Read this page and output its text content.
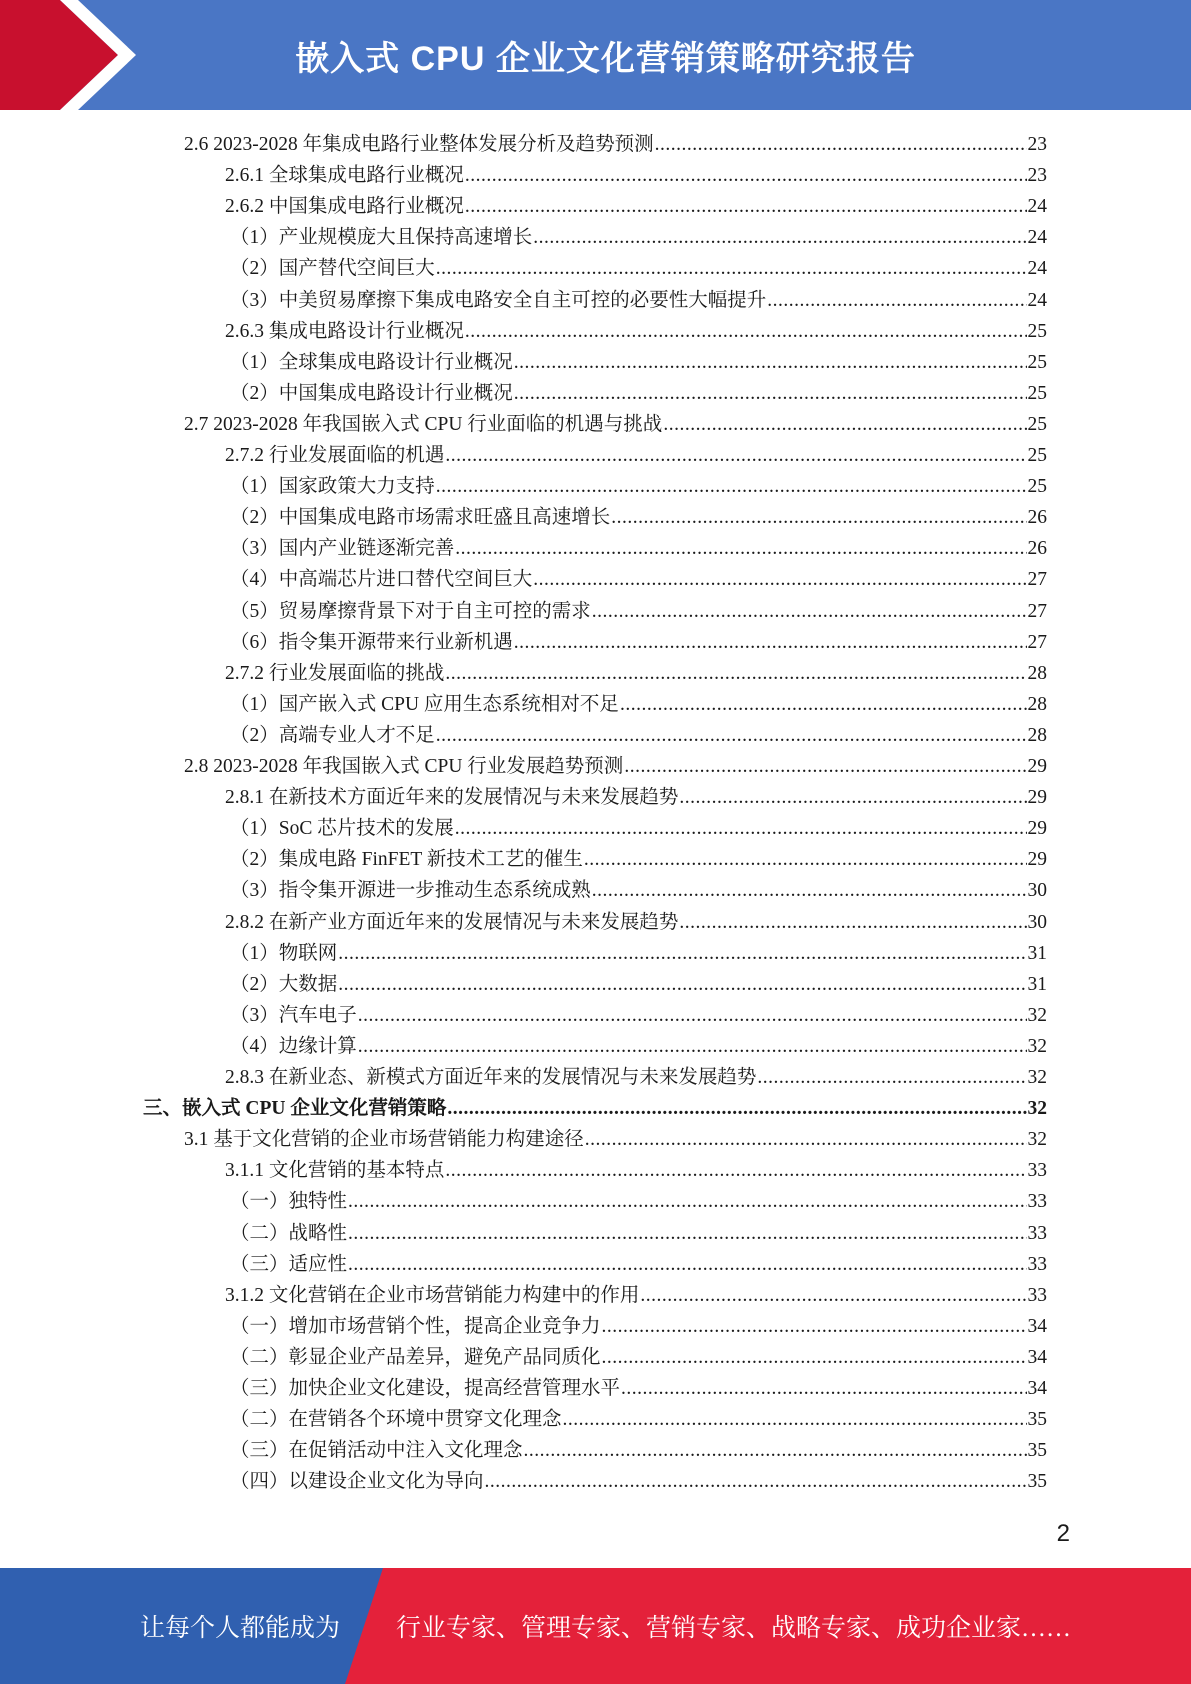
嵌入式 CPU 企业文化营销策略研究报告
2.6 2023-2028 年集成电路行业整体发展分析及趋势预测 .....	23
2.6.1 全球集成电路行业概况 .....	23
2.6.2 中国集成电路行业概况 .....	24
（1）产业规模庞大且保持高速增长 .....	24
（2）国产替代空间巨大 .....	24
（3）中美贸易摩擦下集成电路安全自主可控的必要性大幅提升 .....	24
2.6.3 集成电路设计行业概况 .....	25
（1）全球集成电路设计行业概况 .....	25
（2）中国集成电路设计行业概况 .....	25
2.7 2023-2028 年我国嵌入式 CPU 行业面临的机遇与挑战 .....	25
2.7.2 行业发展面临的机遇 .....	25
（1）国家政策大力支持 .....	25
（2）中国集成电路市场需求旺盛且高速增长 .....	26
（3）国内产业链逐渐完善 .....	26
（4）中高端芯片进口替代空间巨大 .....	27
（5）贸易摩擦背景下对于自主可控的需求 .....	27
（6）指令集开源带来行业新机遇 .....	27
2.7.2 行业发展面临的挑战 .....	28
（1）国产嵌入式 CPU 应用生态系统相对不足 .....	28
（2）高端专业人才不足 .....	28
2.8 2023-2028 年我国嵌入式 CPU 行业发展趋势预测 .....	29
2.8.1 在新技术方面近年来的发展情况与未来发展趋势 .....	29
（1）SoC 芯片技术的发展 .....	29
（2）集成电路 FinFET 新技术工艺的催生 .....	29
（3）指令集开源进一步推动生态系统成熟 .....	30
2.8.2 在新产业方面近年来的发展情况与未来发展趋势 .....	30
（1）物联网 .....	31
（2）大数据 .....	31
（3）汽车电子 .....	32
（4）边缘计算 .....	32
2.8.3 在新业态、新模式方面近年来的发展情况与未来发展趋势 .....	32
三、嵌入式 CPU 企业文化营销策略 .....	32
3.1 基于文化营销的企业市场营销能力构建途径 .....	32
3.1.1 文化营销的基本特点 .....	33
（一）独特性 .....	33
（二）战略性 .....	33
（三）适应性 .....	33
3.1.2 文化营销在企业市场营销能力构建中的作用 .....	33
（一）增加市场营销个性，提高企业竞争力 .....	34
（二）彰显企业产品差异，避免产品同质化 .....	34
（三）加快企业文化建设，提高经营管理水平 .....	34
（二）在营销各个环境中贯穿文化理念 .....	35
（三）在促销活动中注入文化理念 .....	35
（四）以建设企业文化为导向 .....	35
2
让每个人都能成为 行业专家、管理专家、营销专家、战略专家、成功企业家……
